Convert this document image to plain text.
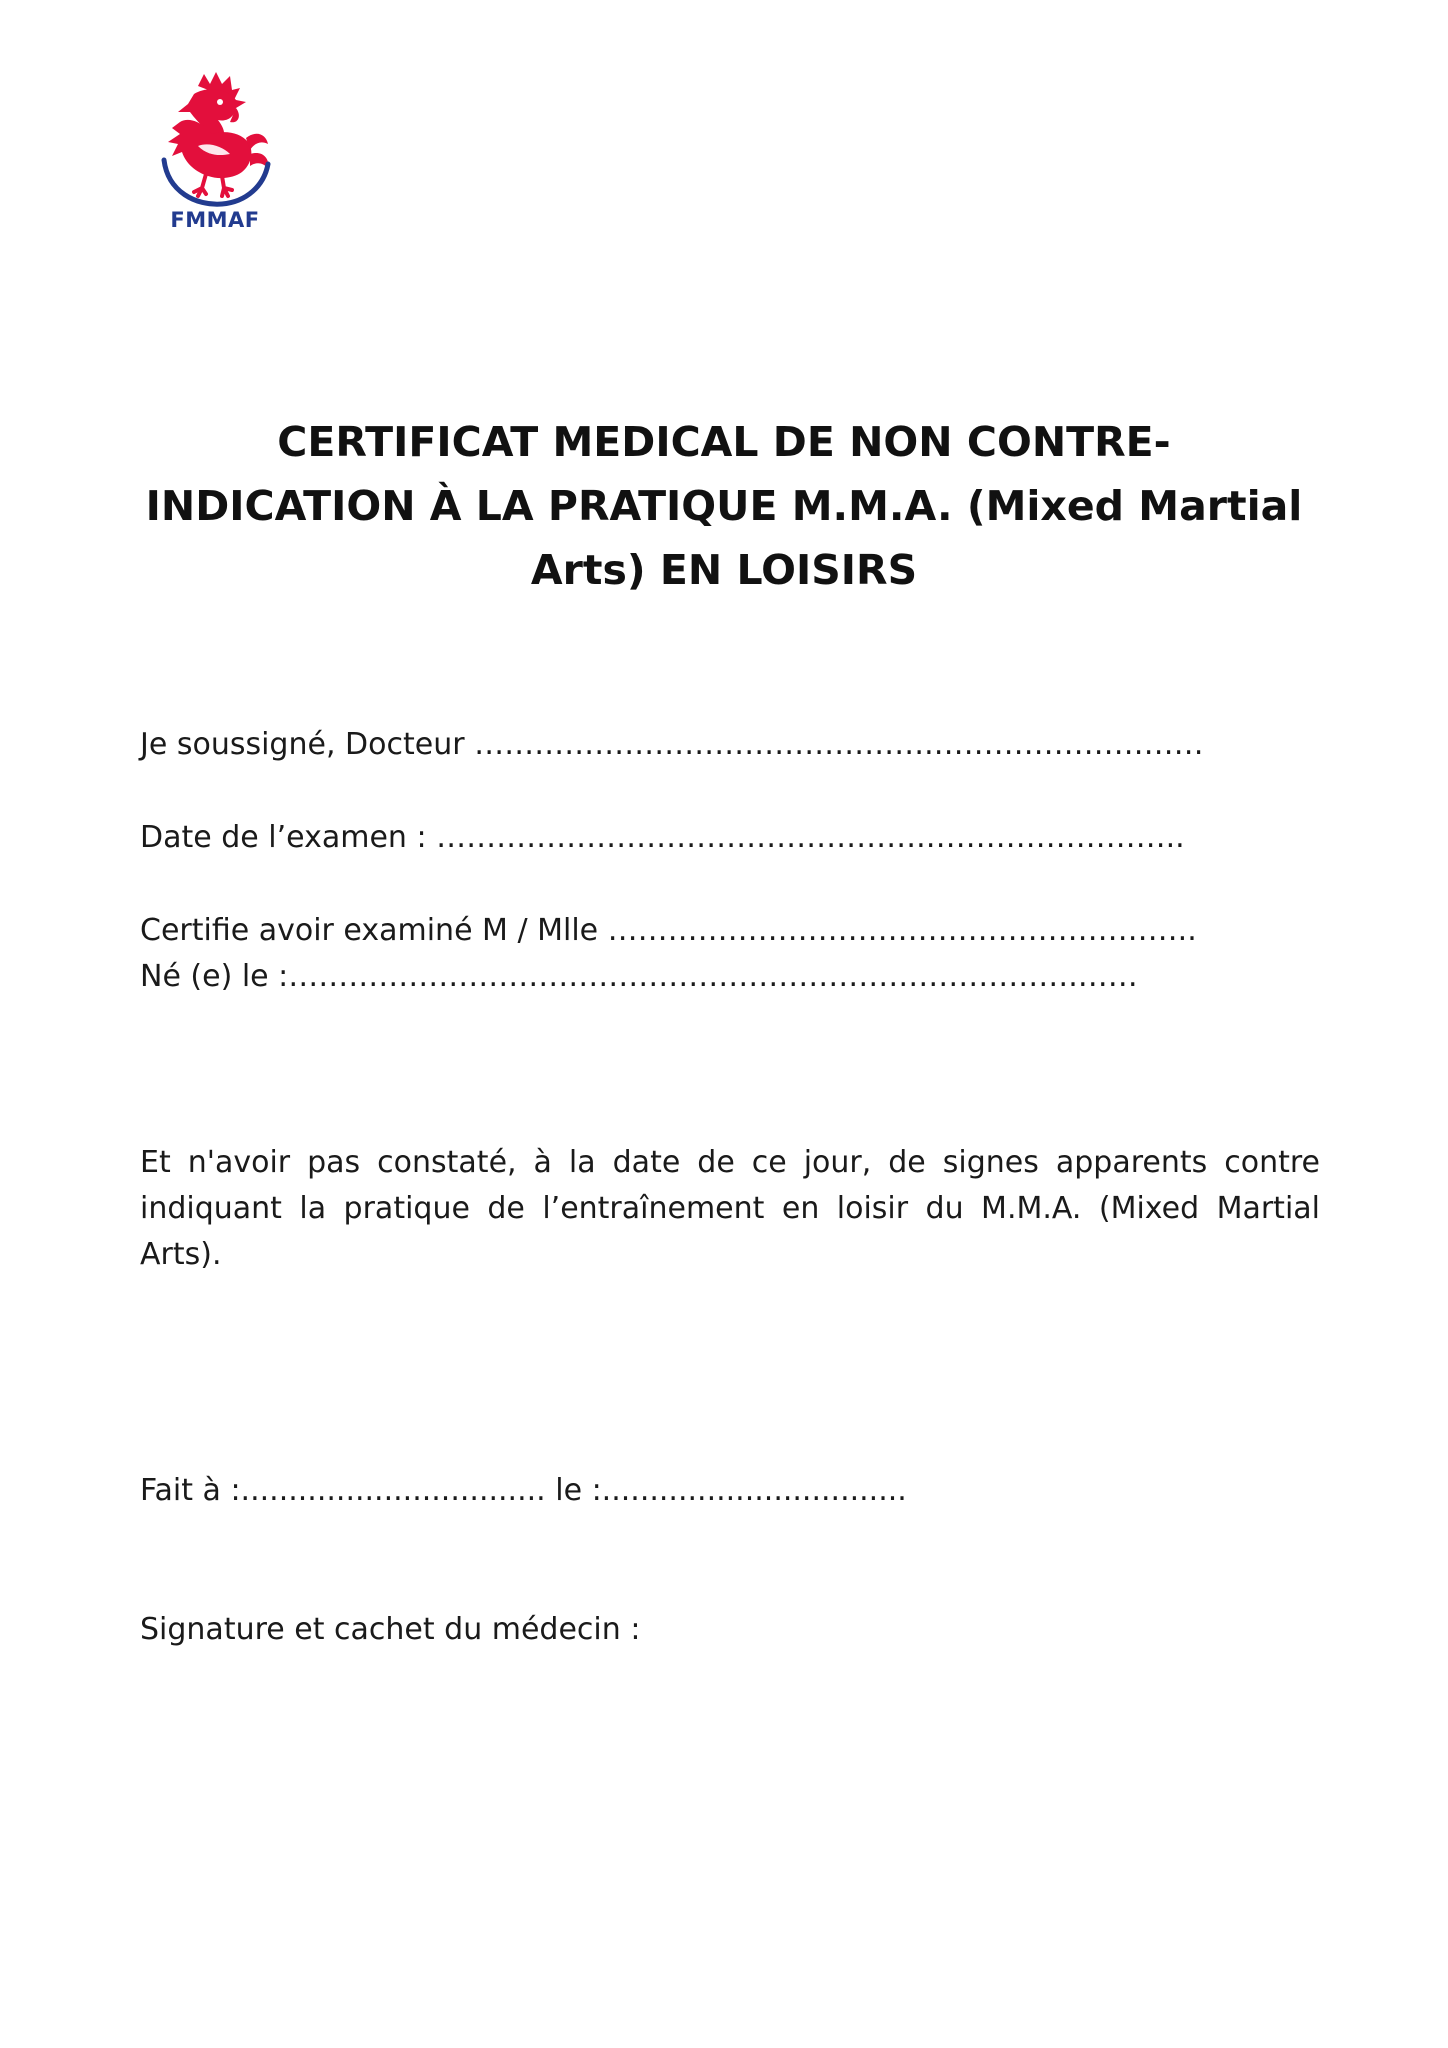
FMMAF
CERTIFICAT MEDICAL DE NON CONTRE-
INDICATION À LA PRATIQUE M.M.A. (Mixed Martial
Arts) EN LOISIRS
Je soussigné, Docteur ……………………………………….………………………
Date de l’examen : ………………………………………….……………………..
Certifie avoir examiné M / Mlle …………………………………………………..
Né (e) le :…………………………………………………………………….……
Et n'avoir pas constaté, à la date de ce jour, de signes apparents contre indiquant la pratique de l’entraînement en loisir du M.M.A. (Mixed Martial Arts).
Fait à :................................ le :................................
Signature et cachet du médecin :
